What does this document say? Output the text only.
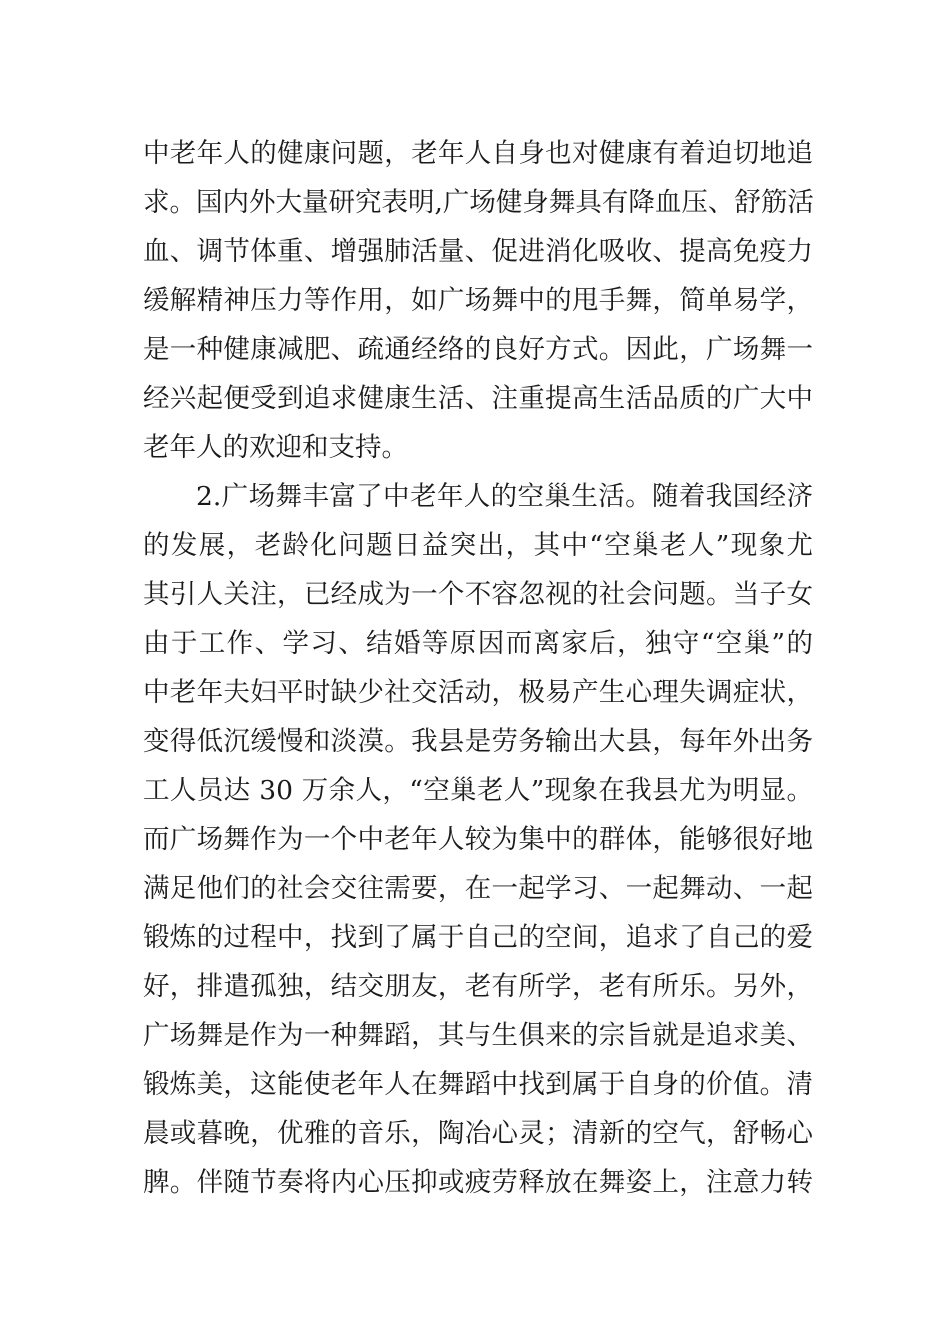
中老年人的健康问题，老年人自身也对健康有着迫切地追
求。国内外大量研究表明,广场健身舞具有降血压、舒筋活
血、调节体重、增强肺活量、促进消化吸收、提高免疫力
缓解精神压力等作用，如广场舞中的甩手舞，简单易学，
是一种健康减肥、疏通经络的良好方式。因此，广场舞一
经兴起便受到追求健康生活、注重提高生活品质的广大中
老年人的欢迎和支持。
2.广场舞丰富了中老年人的空巢生活。随着我国经济
的发展，老龄化问题日益突出，其中“空巢老人”现象尤
其引人关注，已经成为一个不容忽视的社会问题。当子女
由于工作、学习、结婚等原因而离家后，独守“空巢”的
中老年夫妇平时缺少社交活动，极易产生心理失调症状，
变得低沉缓慢和淡漠。我县是劳务输出大县，每年外出务
工人员达 30 万余人，“空巢老人”现象在我县尤为明显。
而广场舞作为一个中老年人较为集中的群体，能够很好地
满足他们的社会交往需要，在一起学习、一起舞动、一起
锻炼的过程中，找到了属于自己的空间，追求了自己的爱
好，排遣孤独，结交朋友，老有所学，老有所乐。另外，
广场舞是作为一种舞蹈，其与生俱来的宗旨就是追求美、
锻炼美，这能使老年人在舞蹈中找到属于自身的价值。清
晨或暮晚，优雅的音乐，陶冶心灵；清新的空气，舒畅心
脾。伴随节奏将内心压抑或疲劳释放在舞姿上，注意力转
